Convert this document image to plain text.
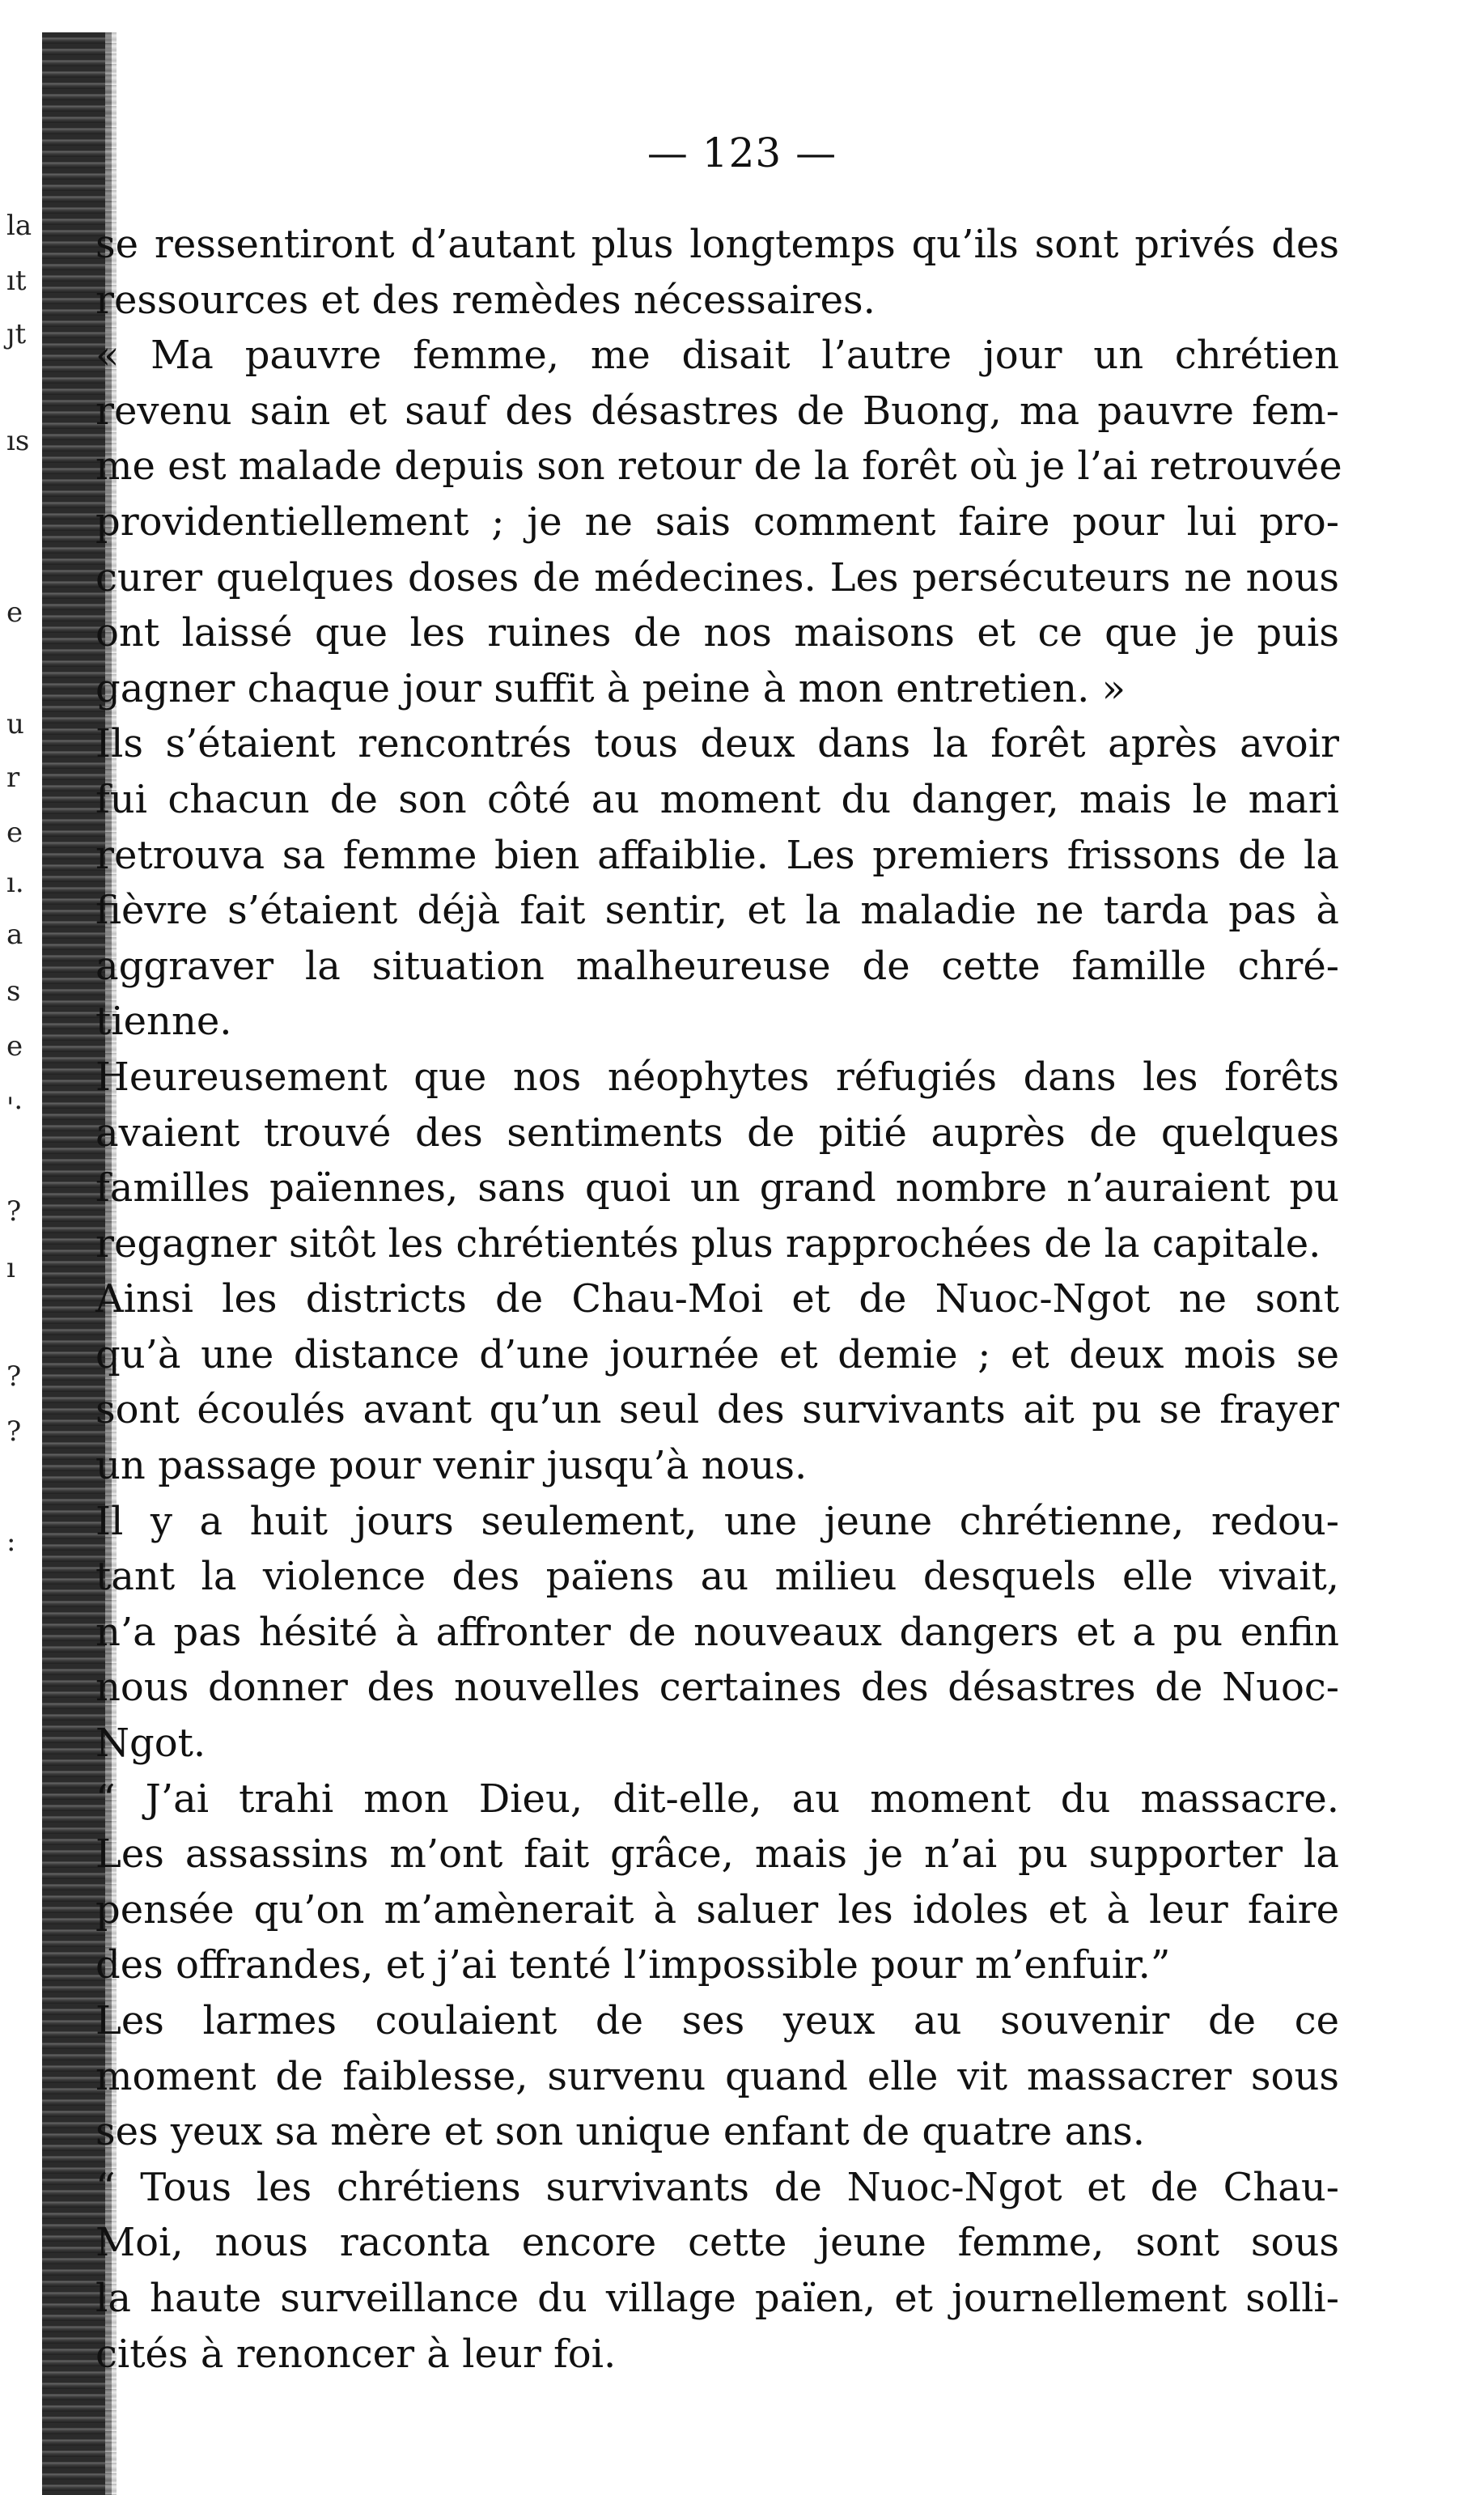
la
ıt
ȷt
ıs
e
u
r
e
ı.
a
s
e
'·
?
ı
?
?
:
— 123 —
se ressentiront d’autant plus longtemps qu’ils sont privés des
ressources et des remèdes nécessaires.
« Ma pauvre femme, me disait l’autre jour un chrétien
revenu sain et sauf des désastres de Buong, ma pauvre fem-
me est malade depuis son retour de la forêt où je l’ai retrouvée
providentiellement ; je ne sais comment faire pour lui pro-
curer quelques doses de médecines. Les persécuteurs ne nous
ont laissé que les ruines de nos maisons et ce que je puis
gagner chaque jour suffit à peine à mon entretien. »
Ils s’étaient rencontrés tous deux dans la forêt après avoir
fui chacun de son côté au moment du danger, mais le mari
retrouva sa femme bien affaiblie. Les premiers frissons de la
fièvre s’étaient déjà fait sentir, et la maladie ne tarda pas à
aggraver la situation malheureuse de cette famille chré-
tienne.
Heureusement que nos néophytes réfugiés dans les forêts
avaient trouvé des sentiments de pitié auprès de quelques
familles païennes, sans quoi un grand nombre n’auraient pu
regagner sitôt les chrétientés plus rapprochées de la capitale.
Ainsi les districts de Chau-Moi et de Nuoc-Ngot ne sont
qu’à une distance d’une journée et demie ; et deux mois se
sont écoulés avant qu’un seul des survivants ait pu se frayer
un passage pour venir jusqu’à nous.
Il y a huit jours seulement, une jeune chrétienne, redou-
tant la violence des païens au milieu desquels elle vivait,
n’a pas hésité à affronter de nouveaux dangers et a pu enfin
nous donner des nouvelles certaines des désastres de Nuoc-
Ngot.
“ J’ai trahi mon Dieu, dit-elle, au moment du massacre.
Les assassins m’ont fait grâce, mais je n’ai pu supporter la
pensée qu’on m’amènerait à saluer les idoles et à leur faire
des offrandes, et j’ai tenté l’impossible pour m’enfuir.”
Les larmes coulaient de ses yeux au souvenir de ce
moment de faiblesse, survenu quand elle vit massacrer sous
ses yeux sa mère et son unique enfant de quatre ans.
“ Tous les chrétiens survivants de Nuoc-Ngot et de Chau-
Moi, nous raconta encore cette jeune femme, sont sous
la haute surveillance du village païen, et journellement solli-
cités à renoncer à leur foi.
